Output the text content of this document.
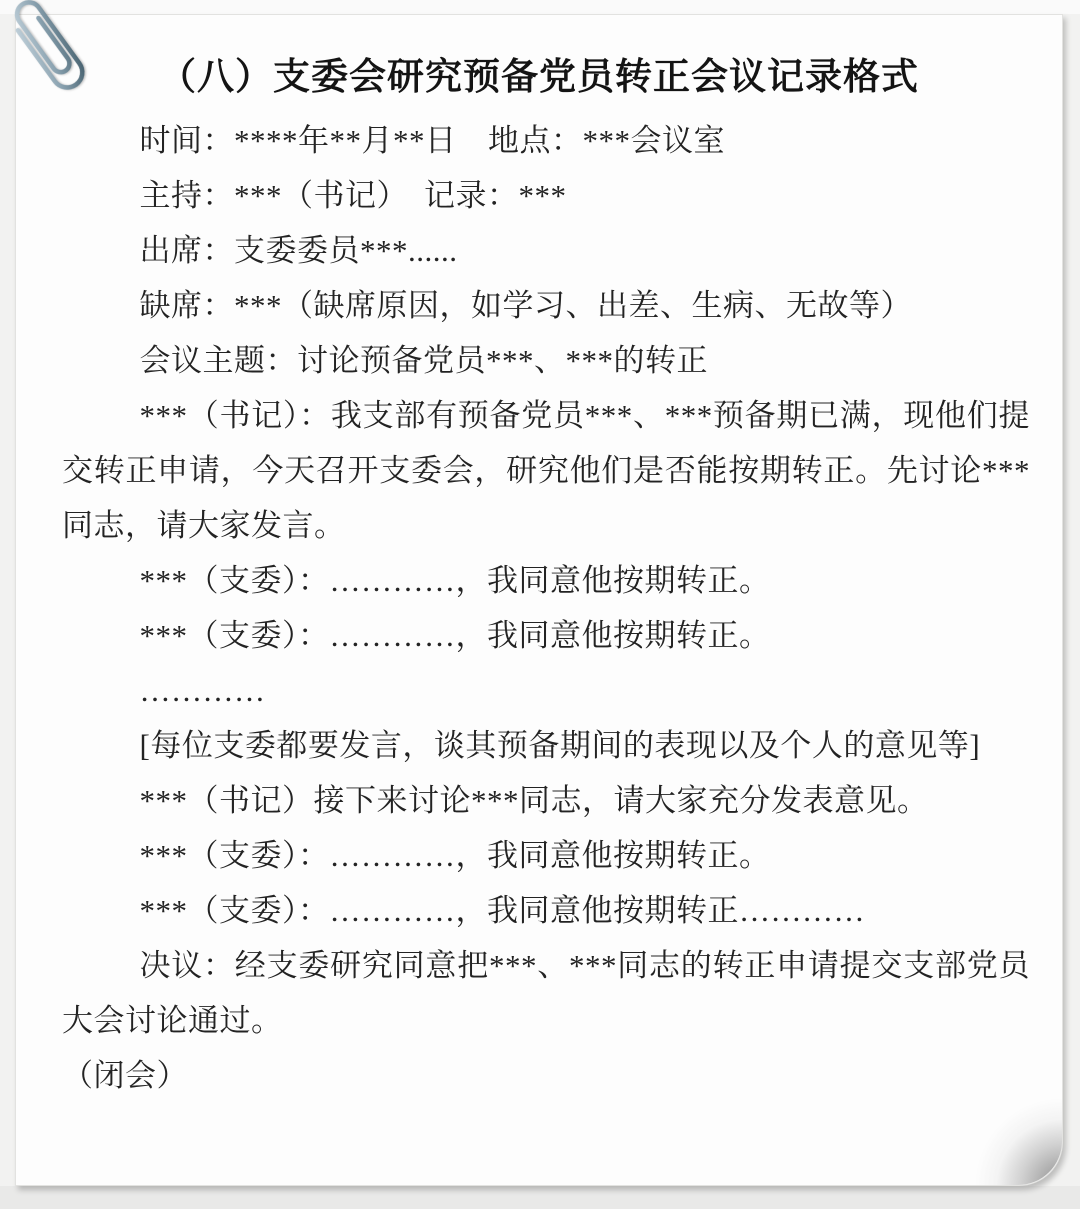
（八）支委会研究预备党员转正会议记录格式

时间：****年**月**日　地点：***会议室

主持：***（书记）　记录：***

出席：支委委员***......

缺席：***（缺席原因，如学习、出差、生病、无故等）

会议主题：讨论预备党员***、***的转正

***（书记）：我支部有预备党员***、***预备期已满，现他们提交转正申请，今天召开支委会，研究他们是否能按期转正。先讨论***同志，请大家发言。

***（支委）：…………，我同意他按期转正。

***（支委）：…………，我同意他按期转正。

…………

[每位支委都要发言，谈其预备期间的表现以及个人的意见等]

***（书记）接下来讨论***同志，请大家充分发表意见。

***（支委）：…………，我同意他按期转正。

***（支委）：…………，我同意他按期转正…………

决议：经支委研究同意把***、***同志的转正申请提交支部党员大会讨论通过。

（闭会）
